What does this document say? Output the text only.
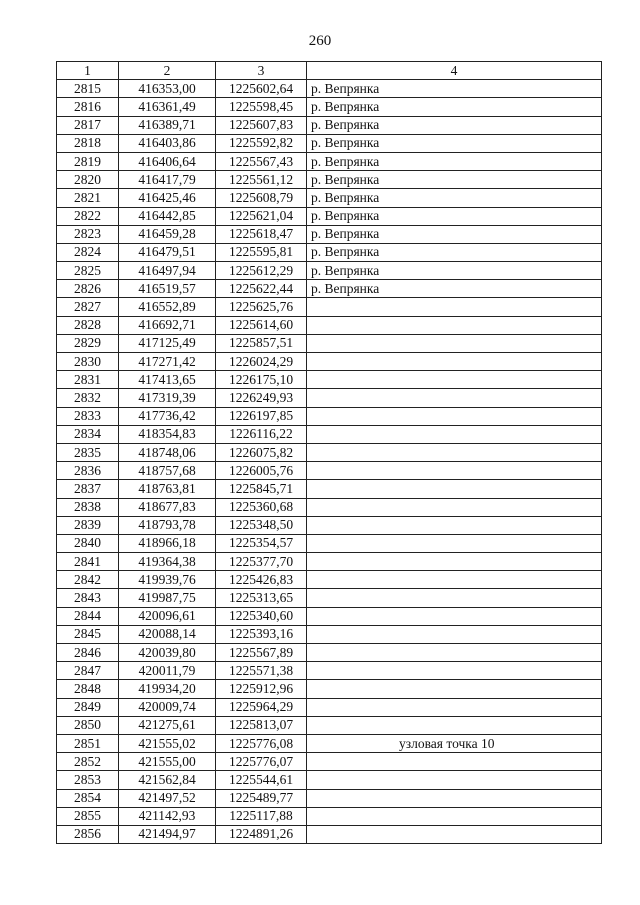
260
1	2	3	4
2815	416353,00	1225602,64	р. Вепрянка
2816	416361,49	1225598,45	р. Вепрянка
2817	416389,71	1225607,83	р. Вепрянка
2818	416403,86	1225592,82	р. Вепрянка
2819	416406,64	1225567,43	р. Вепрянка
2820	416417,79	1225561,12	р. Вепрянка
2821	416425,46	1225608,79	р. Вепрянка
2822	416442,85	1225621,04	р. Вепрянка
2823	416459,28	1225618,47	р. Вепрянка
2824	416479,51	1225595,81	р. Вепрянка
2825	416497,94	1225612,29	р. Вепрянка
2826	416519,57	1225622,44	р. Вепрянка
2827	416552,89	1225625,76	
2828	416692,71	1225614,60	
2829	417125,49	1225857,51	
2830	417271,42	1226024,29	
2831	417413,65	1226175,10	
2832	417319,39	1226249,93	
2833	417736,42	1226197,85	
2834	418354,83	1226116,22	
2835	418748,06	1226075,82	
2836	418757,68	1226005,76	
2837	418763,81	1225845,71	
2838	418677,83	1225360,68	
2839	418793,78	1225348,50	
2840	418966,18	1225354,57	
2841	419364,38	1225377,70	
2842	419939,76	1225426,83	
2843	419987,75	1225313,65	
2844	420096,61	1225340,60	
2845	420088,14	1225393,16	
2846	420039,80	1225567,89	
2847	420011,79	1225571,38	
2848	419934,20	1225912,96	
2849	420009,74	1225964,29	
2850	421275,61	1225813,07	
2851	421555,02	1225776,08	узловая точка 10
2852	421555,00	1225776,07	
2853	421562,84	1225544,61	
2854	421497,52	1225489,77	
2855	421142,93	1225117,88	
2856	421494,97	1224891,26	
